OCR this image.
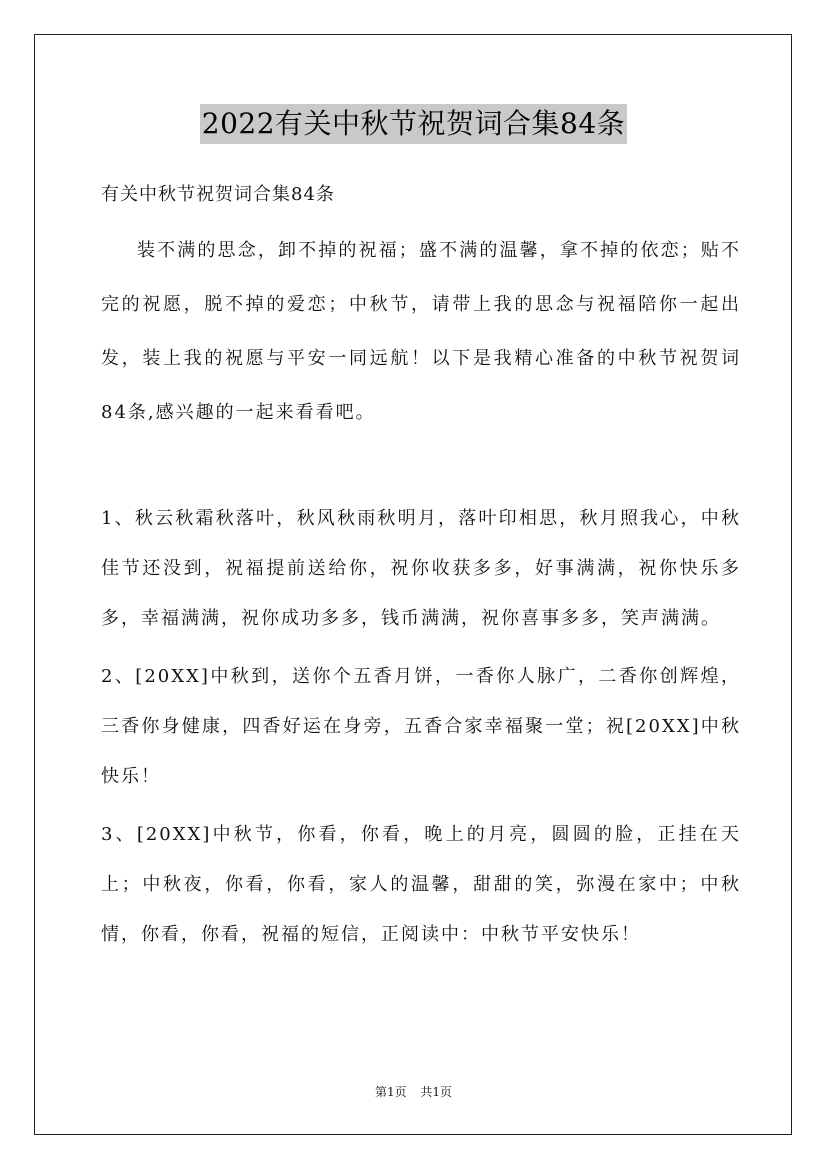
2022有关中秋节祝贺词合集84条

有关中秋节祝贺词合集84条

装不满的思念，卸不掉的祝福；盛不满的温馨，拿不掉的依恋；贴不完的祝愿，脱不掉的爱恋；中秋节，请带上我的思念与祝福陪你一起出发，装上我的祝愿与平安一同远航！以下是我精心准备的中秋节祝贺词84条,感兴趣的一起来看看吧。

1、秋云秋霜秋落叶，秋风秋雨秋明月，落叶印相思，秋月照我心，中秋佳节还没到，祝福提前送给你，祝你收获多多，好事满满，祝你快乐多多，幸福满满，祝你成功多多，钱币满满，祝你喜事多多，笑声满满。

2、[20XX]中秋到，送你个五香月饼，一香你人脉广，二香你创辉煌，三香你身健康，四香好运在身旁，五香合家幸福聚一堂；祝[20XX]中秋快乐！

3、[20XX]中秋节，你看，你看，晚上的月亮，圆圆的脸，正挂在天上；中秋夜，你看，你看，家人的温馨，甜甜的笑，弥漫在家中；中秋情，你看，你看，祝福的短信，正阅读中：中秋节平安快乐！

第1页 共1页
